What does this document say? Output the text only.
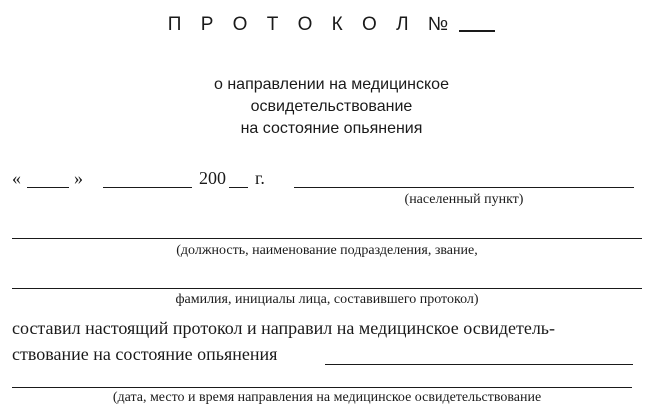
П Р О Т О К О Л №
о направлении на медицинское
освидетельствование
на состояние опьянения
«	»	200 г.
(населенный пункт)
(должность, наименование подразделения, звание,
фамилия, инициалы лица, составившего протокол)
составил настоящий протокол и направил на медицинское освидетель-
ствование на состояние опьянения
(дата, место и время направления на медицинское освидетельствование
